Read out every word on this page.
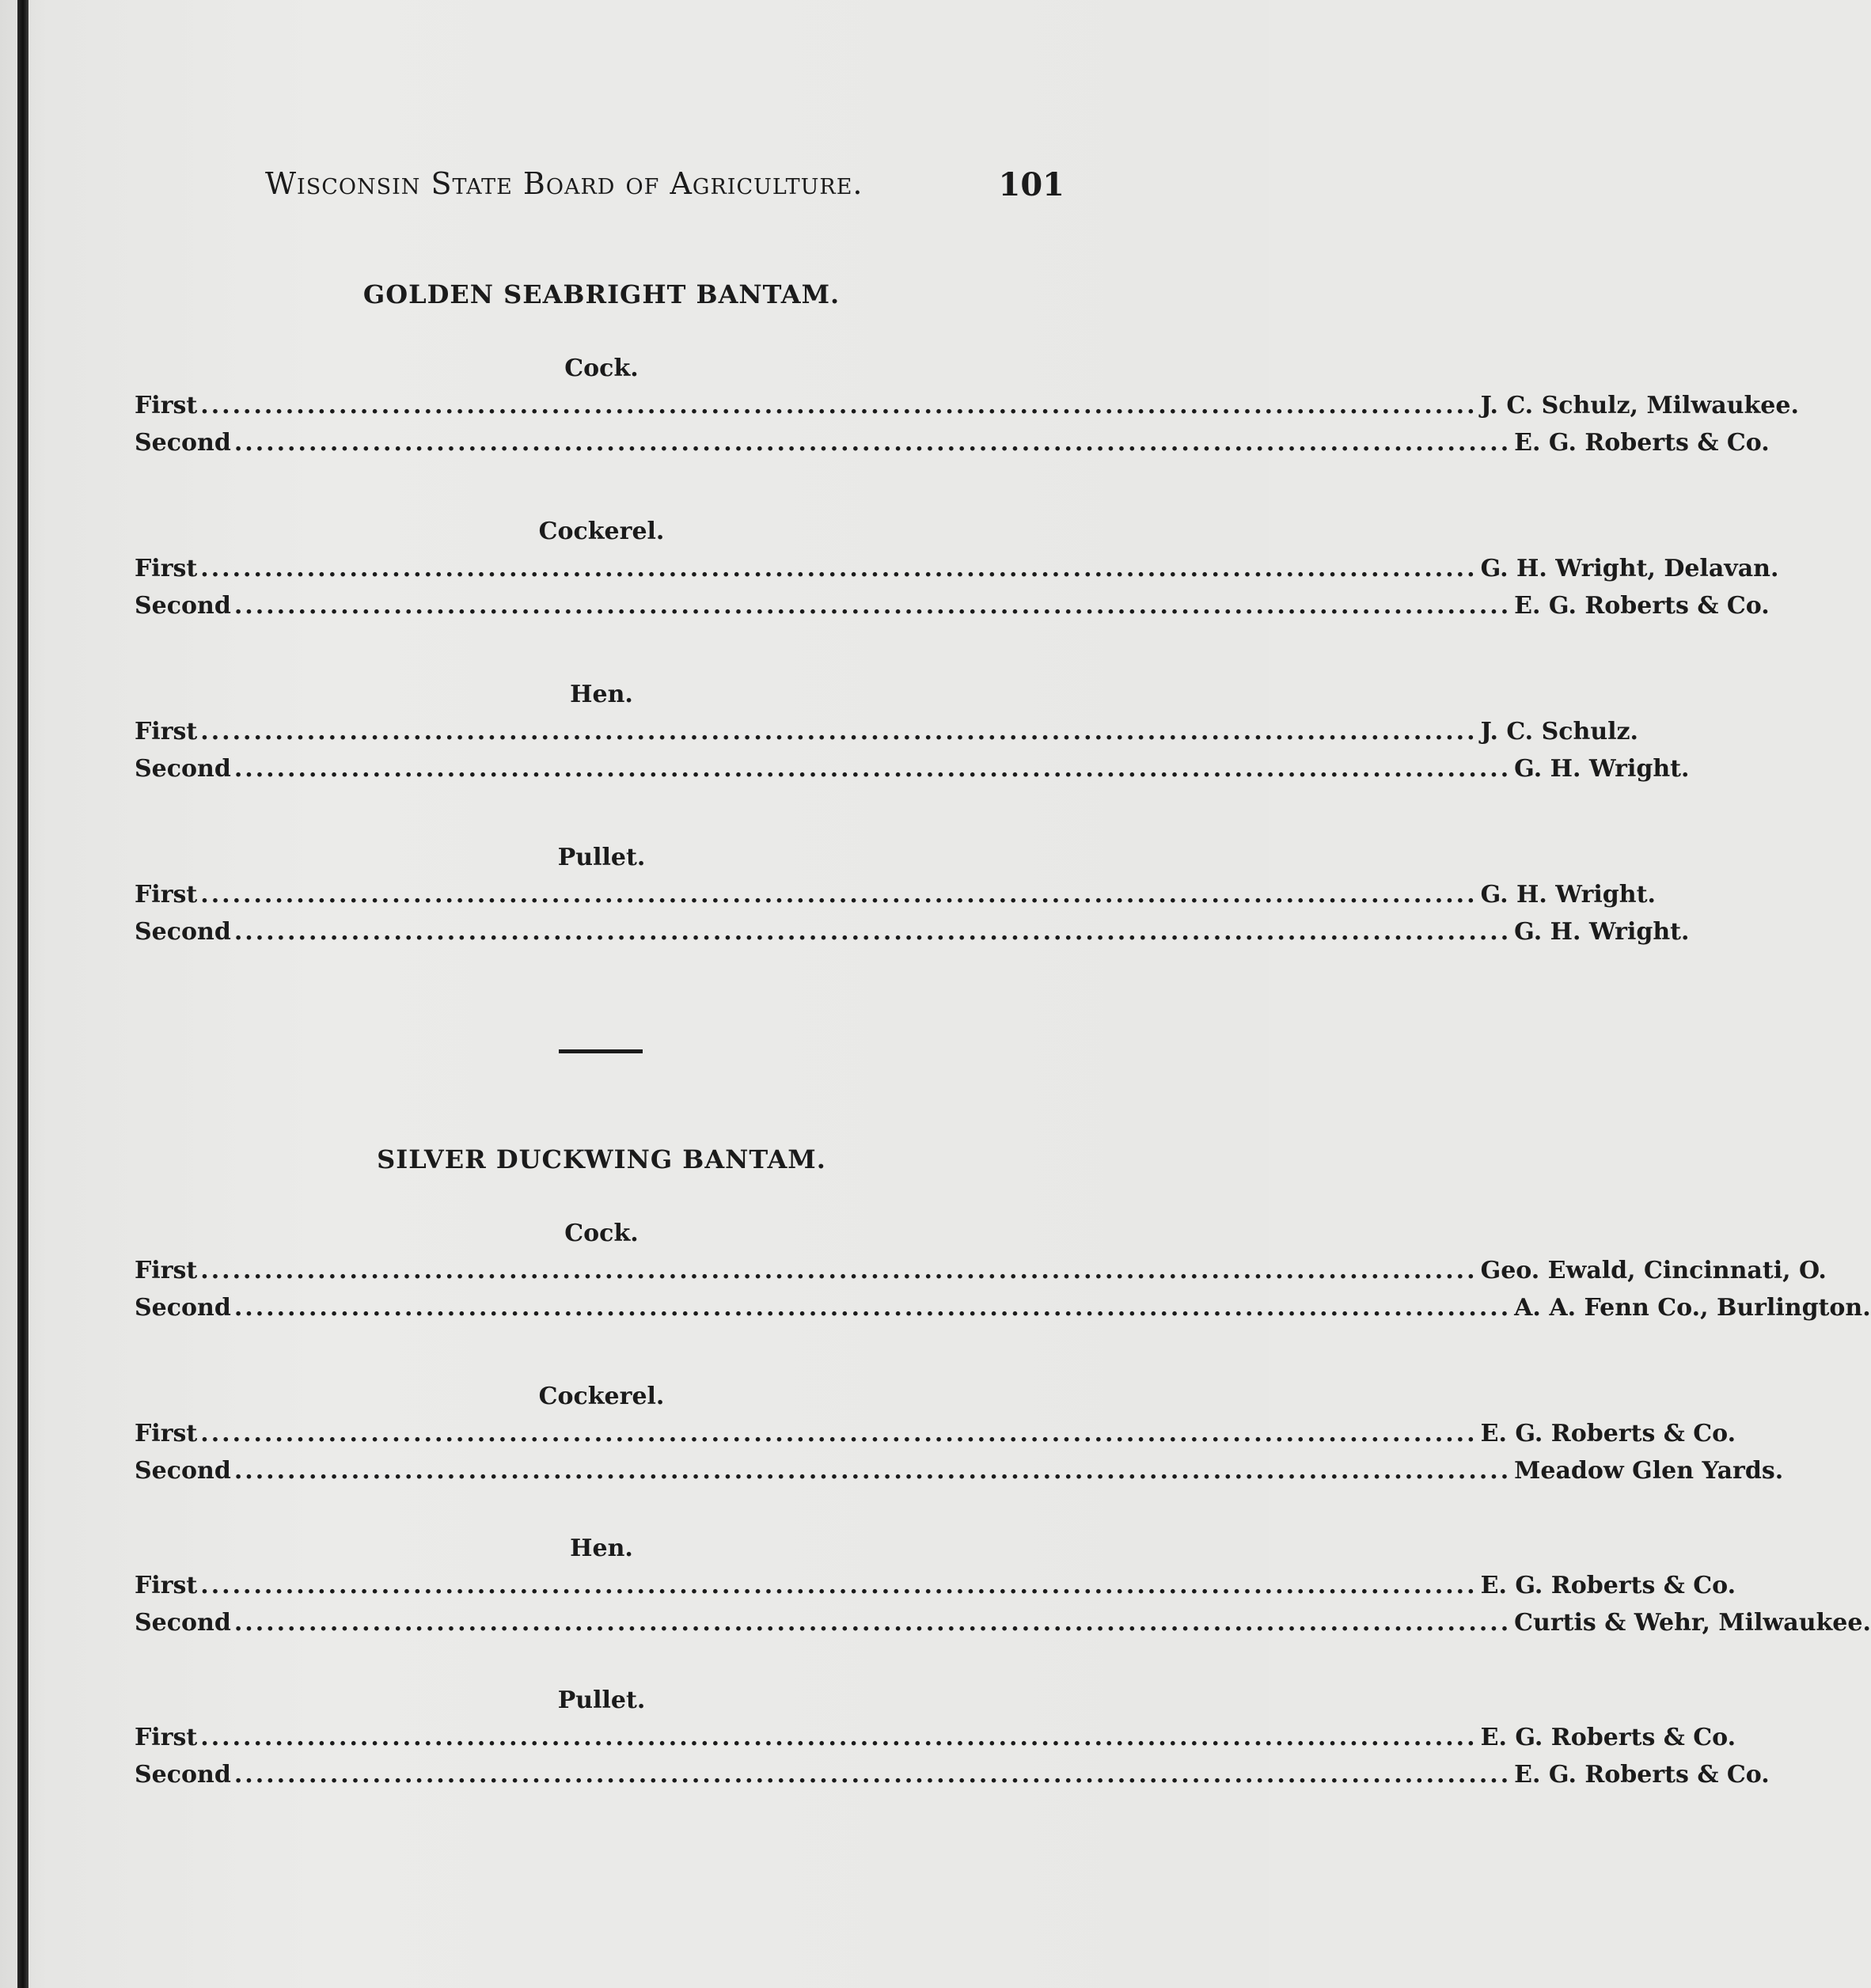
Wisconsin State Board of Agriculture.	101
GOLDEN SEABRIGHT BANTAM.
Cock.
First ........................................................................................................................ J. C. Schulz, Milwaukee.
Second ........................................................................................................................ E. G. Roberts & Co.
Cockerel.
First ........................................................................................................................ G. H. Wright, Delavan.
Second ........................................................................................................................ E. G. Roberts & Co.
Hen.
First ........................................................................................................................ J. C. Schulz.
Second ........................................................................................................................ G. H. Wright.
Pullet.
First ........................................................................................................................ G. H. Wright.
Second ........................................................................................................................ G. H. Wright.
SILVER DUCKWING BANTAM.
Cock.
First ........................................................................................................................ Geo. Ewald, Cincinnati, O.
Second ........................................................................................................................ A. A. Fenn Co., Burlington.
Cockerel.
First ........................................................................................................................ E. G. Roberts & Co.
Second ........................................................................................................................ Meadow Glen Yards.
Hen.
First ........................................................................................................................ E. G. Roberts & Co.
Second ........................................................................................................................ Curtis & Wehr, Milwaukee.
Pullet.
First ........................................................................................................................ E. G. Roberts & Co.
Second ........................................................................................................................ E. G. Roberts & Co.
